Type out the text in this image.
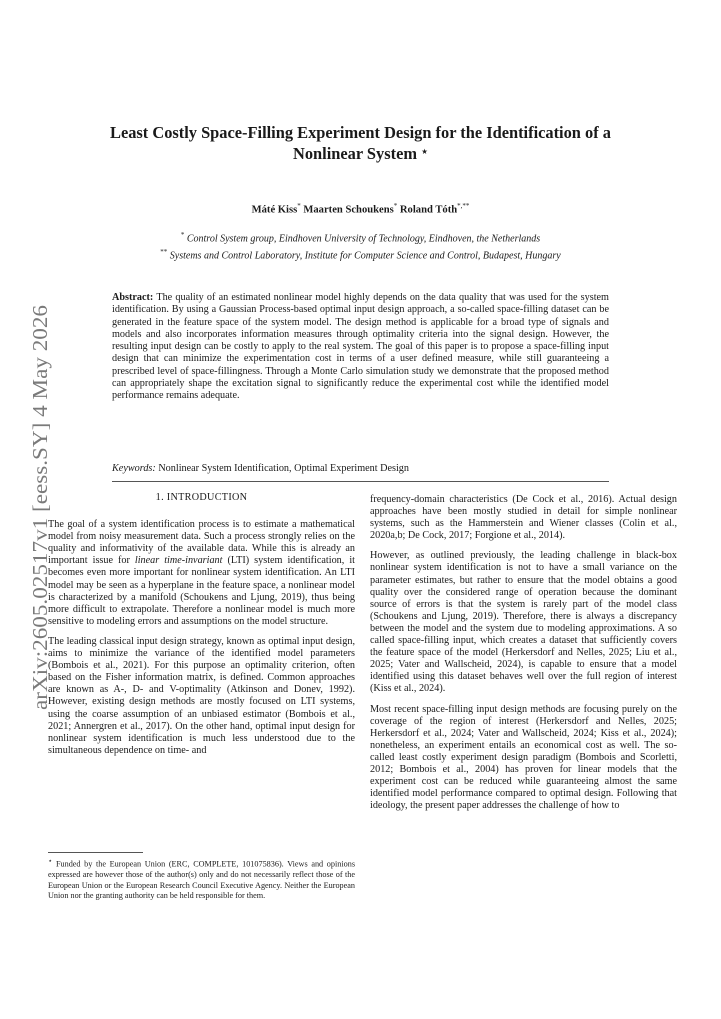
arXiv:2605.02517v1 [eess.SY] 4 May 2026
Least Costly Space-Filling Experiment Design for the Identification of a Nonlinear System ⋆
Máté Kiss* Maarten Schoukens* Roland Tóth*,**
* Control System group, Eindhoven University of Technology, Eindhoven, the Netherlands
** Systems and Control Laboratory, Institute for Computer Science and Control, Budapest, Hungary
Abstract: The quality of an estimated nonlinear model highly depends on the data quality that was used for the system identification. By using a Gaussian Process-based optimal input design approach, a so-called space-filling dataset can be generated in the feature space of the system model. The design method is applicable for a broad type of signals and models and also incorporates information measures through optimality criteria into the signal design. However, the resulting input design can be costly to apply to the real system. The goal of this paper is to propose a space-filling input design that can minimize the experimentation cost in terms of a user defined measure, while still guaranteeing a prescribed level of space-fillingness. Through a Monte Carlo simulation study we demonstrate that the proposed method can appropriately shape the excitation signal to significantly reduce the experimental cost while the identified model performance remains adequate.
Keywords: Nonlinear System Identification, Optimal Experiment Design
1. INTRODUCTION

The goal of a system identification process is to estimate a mathematical model from noisy measurement data. Such a process strongly relies on the quality and informativity of the available data. While this is already an important issue for linear time-invariant (LTI) system identification, it becomes even more important for nonlinear system identification. An LTI model may be seen as a hyperplane in the feature space, a nonlinear model is characterized by a manifold (Schoukens and Ljung, 2019), thus being more difficult to extrapolate. Therefore a nonlinear model is much more sensitive to modeling errors and assumptions on the model structure.

The leading classical input design strategy, known as optimal input design, aims to minimize the variance of the identified model parameters (Bombois et al., 2021). For this purpose an optimality criterion, often based on the Fisher information matrix, is defined. Common approaches are known as A-, D- and V-optimality (Atkinson and Donev, 1992). However, existing design methods are mostly focused on LTI systems, using the coarse assumption of an unbiased estimator (Bombois et al., 2021; Annergren et al., 2017). On the other hand, optimal input design for nonlinear system identification is much less understood due to the simultaneous dependence on time- and

⋆ Funded by the European Union (ERC, COMPLETE, 101075836). Views and opinions expressed are however those of the author(s) only and do not necessarily reflect those of the European Union or the European Research Council Executive Agency. Neither the European Union nor the granting authority can be held responsible for them.

frequency-domain characteristics (De Cock et al., 2016). Actual design approaches have been mostly studied in detail for simple nonlinear systems, such as the Hammerstein and Wiener classes (Colin et al., 2020a,b; De Cock, 2017; Forgione et al., 2014).

However, as outlined previously, the leading challenge in black-box nonlinear system identification is not to have a small variance on the parameter estimates, but rather to ensure that the model obtains a good quality over the considered range of operation because the dominant source of errors is that the system is rarely part of the model class (Schoukens and Ljung, 2019). Therefore, there is always a discrepancy between the model and the system due to modeling approximations. A so called space-filling input, which creates a dataset that sufficiently covers the feature space of the model (Herkersdorf and Nelles, 2025; Liu et al., 2025; Vater and Wallscheid, 2024), is capable to ensure that a model identified using this dataset behaves well over the full region of interest (Kiss et al., 2024).

Most recent space-filling input design methods are focusing purely on the coverage of the region of interest (Herkersdorf and Nelles, 2025; Herkersdorf et al., 2024; Vater and Wallscheid, 2024; Kiss et al., 2024); nonetheless, an experiment entails an economical cost as well. The so-called least costly experiment design paradigm (Bombois and Scorletti, 2012; Bombois et al., 2004) has proven for linear models that the experiment cost can be reduced while guaranteeing almost the same identified model performance compared to optimal design. Following that ideology, the present paper addresses the challenge of how to
